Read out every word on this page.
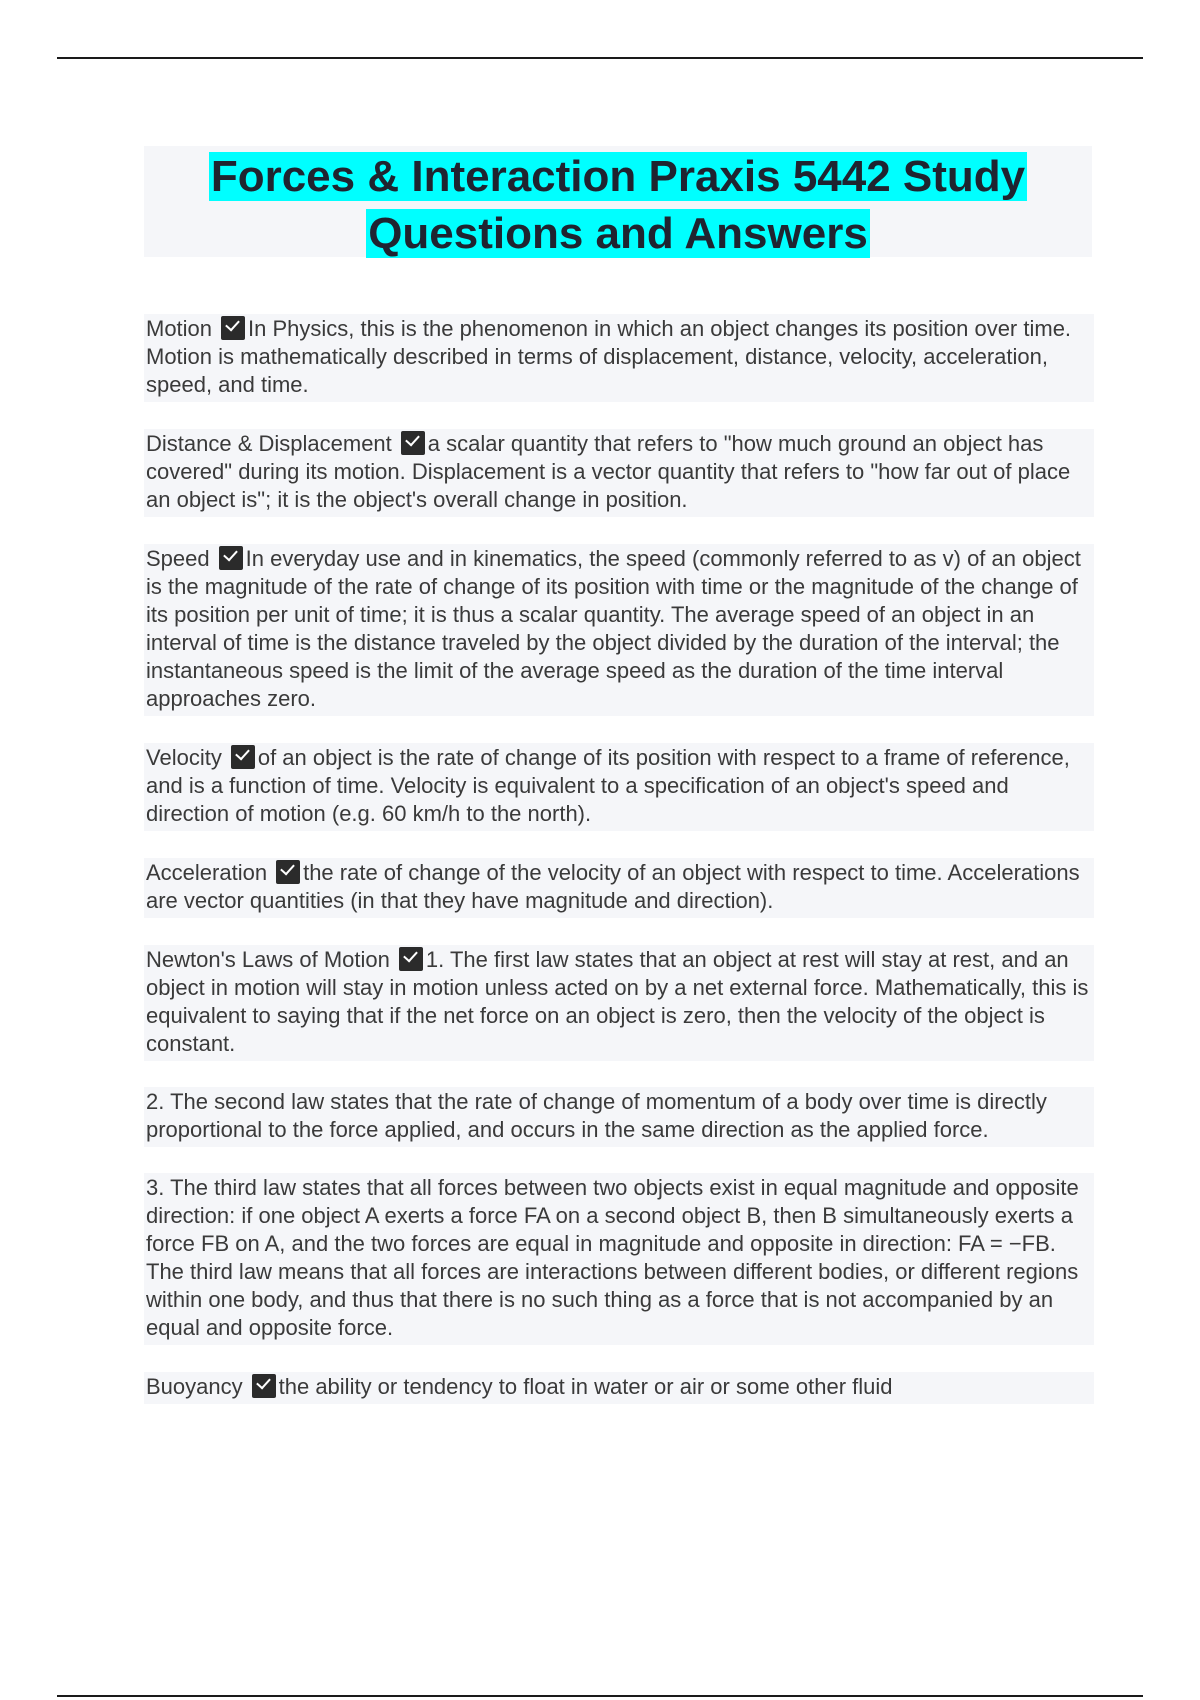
Forces & Interaction Praxis 5442 Study
Questions and Answers
Motion In Physics, this is the phenomenon in which an object changes its position over time. Motion is mathematically described in terms of displacement, distance, velocity, acceleration, speed, and time.
Distance & Displacement a scalar quantity that refers to "how much ground an object has covered" during its motion. Displacement is a vector quantity that refers to "how far out of place an object is"; it is the object's overall change in position.
Speed In everyday use and in kinematics, the speed (commonly referred to as v) of an object is the magnitude of the rate of change of its position with time or the magnitude of the change of its position per unit of time; it is thus a scalar quantity. The average speed of an object in an interval of time is the distance traveled by the object divided by the duration of the interval; the instantaneous speed is the limit of the average speed as the duration of the time interval approaches zero.
Velocity of an object is the rate of change of its position with respect to a frame of reference, and is a function of time. Velocity is equivalent to a specification of an object's speed and direction of motion (e.g. 60 km/h to the north).
Acceleration the rate of change of the velocity of an object with respect to time. Accelerations are vector quantities (in that they have magnitude and direction).
Newton's Laws of Motion 1. The first law states that an object at rest will stay at rest, and an object in motion will stay in motion unless acted on by a net external force. Mathematically, this is equivalent to saying that if the net force on an object is zero, then the velocity of the object is constant.
2. The second law states that the rate of change of momentum of a body over time is directly proportional to the force applied, and occurs in the same direction as the applied force.
3. The third law states that all forces between two objects exist in equal magnitude and opposite direction: if one object A exerts a force FA on a second object B, then B simultaneously exerts a force FB on A, and the two forces are equal in magnitude and opposite in direction: FA = −FB. The third law means that all forces are interactions between different bodies, or different regions within one body, and thus that there is no such thing as a force that is not accompanied by an equal and opposite force.
Buoyancy the ability or tendency to float in water or air or some other fluid
